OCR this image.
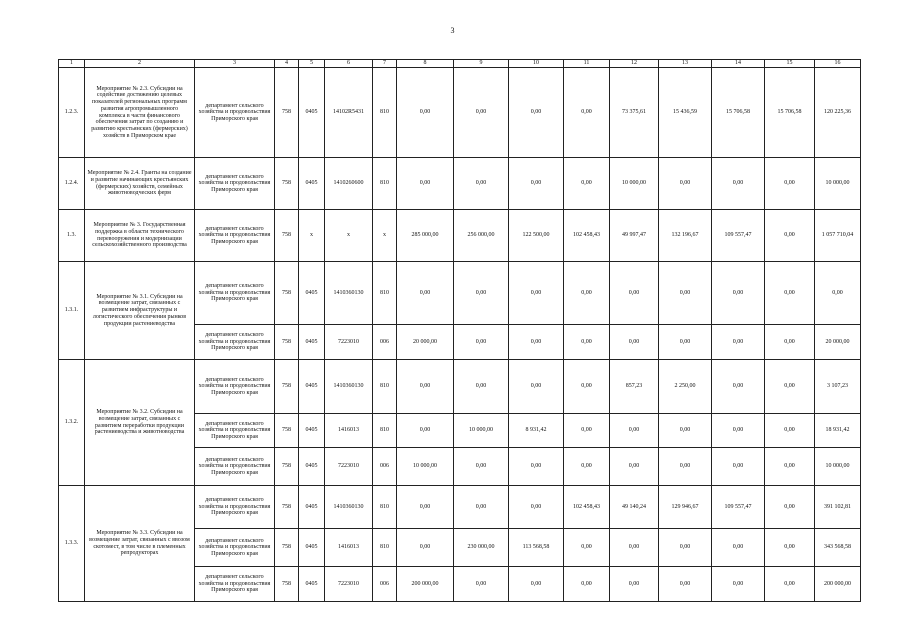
3
1	2	3	4	5	6	7	8	9	10	11	12	13	14	15	16
1.2.3.	Мероприятие № 2.3. Субсидии на содействие достижению целевых показателей региональных программ развития агропромышленного комплекса в части финансового обеспечения затрат по созданию и развитию крестьянских (фермерских) хозяйств в Приморском крае	департамент сельского хозяйства и продовольствия Приморского края	758	0405	14102R5431	810	0,00	0,00	0,00	0,00	73 375,61	15 436,59	15 706,58	15 706,58	120 225,36
1.2.4.	Мероприятие № 2.4. Гранты на создание и развитие начинающих крестьянских (фермерских) хозяйств, семейных животноводческих ферм	департамент сельского хозяйства и продовольствия Приморского края	758	0405	1410260600	810	0,00	0,00	0,00	0,00	10 000,00	0,00	0,00	0,00	10 000,00
1.3.	Мероприятие № 3. Государственная поддержка в области технического перевооружения и модернизации сельскохозяйственного производства	департамент сельского хозяйства и продовольствия Приморского края	758	x	x	x	285 000,00	256 000,00	122 500,00	102 458,43	49 997,47	132 196,67	109 557,47	0,00	1 057 710,04
1.3.1.	Мероприятие № 3.1. Субсидии на возмещение затрат, связанных с развитием инфраструктуры и логистического обеспечения рынков продукции растениеводства	департамент сельского хозяйства и продовольствия Приморского края	758	0405	1410360130	810	0,00	0,00	0,00	0,00	0,00	0,00	0,00	0,00	0,00
		департамент сельского хозяйства и продовольствия Приморского края	758	0405	7223010	006	20 000,00	0,00	0,00	0,00	0,00	0,00	0,00	0,00	20 000,00
1.3.2.	Мероприятие № 3.2. Субсидии на возмещение затрат, связанных с развитием переработки продукции растениеводства и животноводства	департамент сельского хозяйства и продовольствия Приморского края	758	0405	1410360130	810	0,00	0,00	0,00	0,00	857,23	2 250,00	0,00	0,00	3 107,23
		департамент сельского хозяйства и продовольствия Приморского края	758	0405	1416013	810	0,00	10 000,00	8 931,42	0,00	0,00	0,00	0,00	0,00	18 931,42
		департамент сельского хозяйства и продовольствия Приморского края	758	0405	7223010	006	10 000,00	0,00	0,00	0,00	0,00	0,00	0,00	0,00	10 000,00
1.3.3.	Мероприятие № 3.3. Субсидии на возмещение затрат, связанных с ввозом скотомест, в том числе в племенных репродукторах	департамент сельского хозяйства и продовольствия Приморского края	758	0405	1410360130	810	0,00	0,00	0,00	102 458,43	49 140,24	129 946,67	109 557,47	0,00	391 102,81
		департамент сельского хозяйства и продовольствия Приморского края	758	0405	1416013	810	0,00	230 000,00	113 568,58	0,00	0,00	0,00	0,00	0,00	343 568,58
		департамент сельского хозяйства и продовольствия Приморского края	758	0405	7223010	006	200 000,00	0,00	0,00	0,00	0,00	0,00	0,00	0,00	200 000,00
